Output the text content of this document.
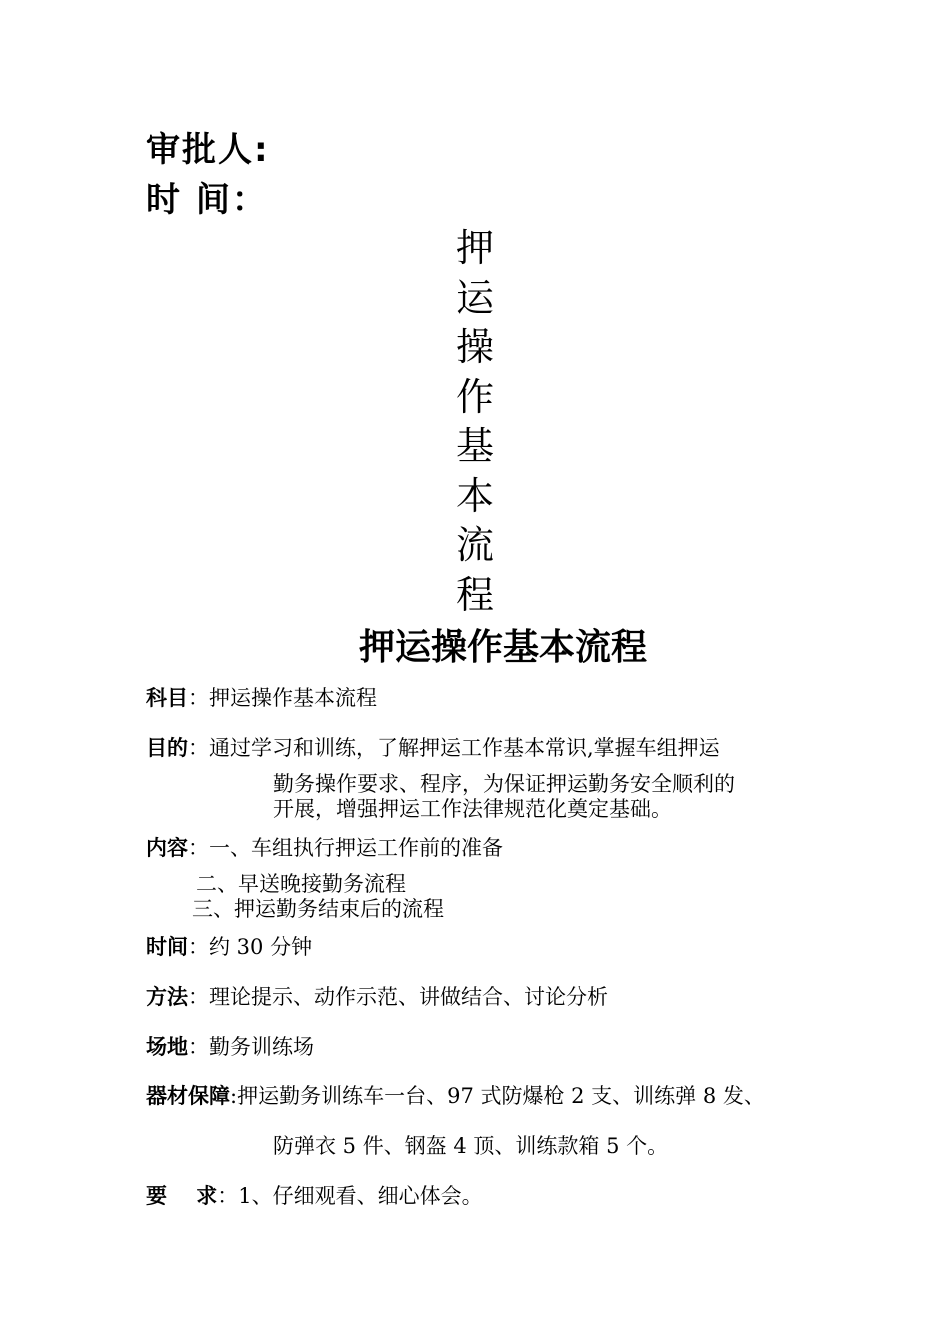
审批人:
时 间：
押
运
操
作
基
本
流
程
押运操作基本流程
科目：押运操作基本流程
目的：通过学习和训练，了解押运工作基本常识,掌握车组押运
勤务操作要求、程序，为保证押运勤务安全顺利的
开展，增强押运工作法律规范化奠定基础。
内容：一、车组执行押运工作前的准备
二、早送晚接勤务流程
三、押运勤务结束后的流程
时间：约 30 分钟
方法：理论提示、动作示范、讲做结合、讨论分析
场地：勤务训练场
器材保障:押运勤务训练车一台、97 式防爆枪 2 支、训练弹 8 发、
防弹衣 5 件、钢盔 4 顶、训练款箱 5 个。
要    求：1、仔细观看、细心体会。
